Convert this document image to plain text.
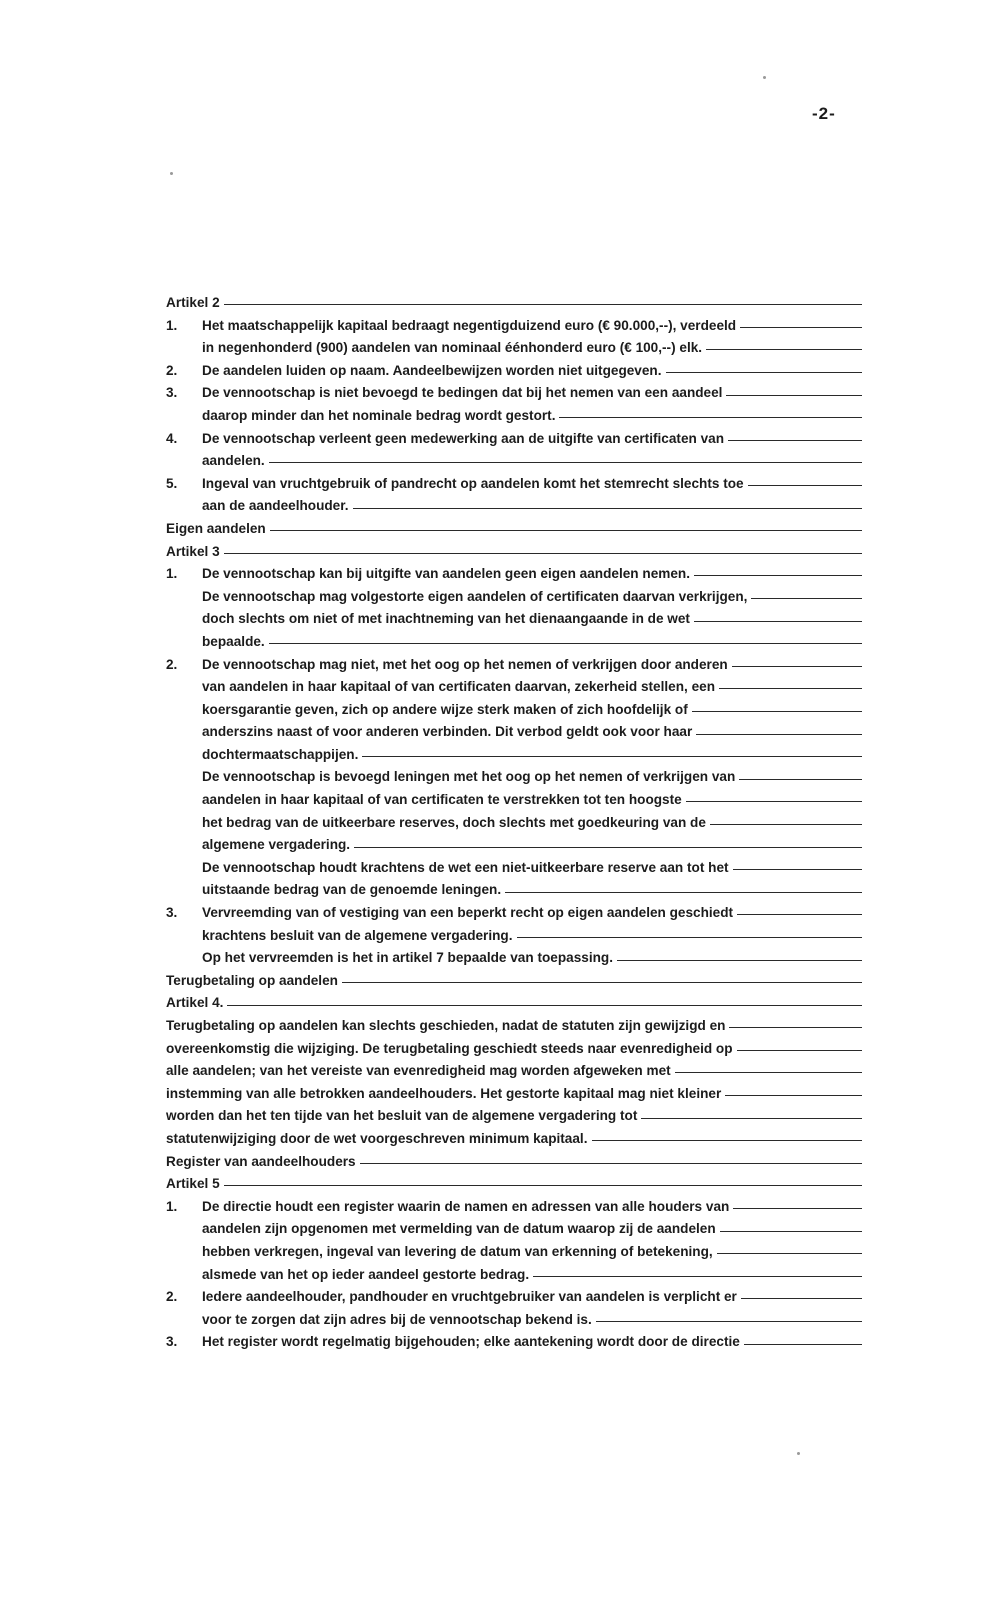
-2-
Artikel 2
1.	Het maatschappelijk kapitaal bedraagt negentigduizend euro (€ 90.000,--), verdeeld
in negenhonderd (900) aandelen van nominaal éénhonderd euro (€ 100,--) elk.
2.	De aandelen luiden op naam. Aandeelbewijzen worden niet uitgegeven.
3.	De vennootschap is niet bevoegd te bedingen dat bij het nemen van een aandeel
daarop minder dan het nominale bedrag wordt gestort.
4.	De vennootschap verleent geen medewerking aan de uitgifte van certificaten van
aandelen.
5.	Ingeval van vruchtgebruik of pandrecht op aandelen komt het stemrecht slechts toe
aan de aandeelhouder.
Eigen aandelen
Artikel 3
1.	De vennootschap kan bij uitgifte van aandelen geen eigen aandelen nemen.
De vennootschap mag volgestorte eigen aandelen of certificaten daarvan verkrijgen,
doch slechts om niet of met inachtneming van het dienaangaande in de wet
bepaalde.
2.	De vennootschap mag niet, met het oog op het nemen of verkrijgen door anderen
van aandelen in haar kapitaal of van certificaten daarvan, zekerheid stellen, een
koersgarantie geven, zich op andere wijze sterk maken of zich hoofdelijk of
anderszins naast of voor anderen verbinden. Dit verbod geldt ook voor haar
dochtermaatschappijen.
De vennootschap is bevoegd leningen met het oog op het nemen of verkrijgen van
aandelen in haar kapitaal of van certificaten te verstrekken tot ten hoogste
het bedrag van de uitkeerbare reserves, doch slechts met goedkeuring van de
algemene vergadering.
De vennootschap houdt krachtens de wet een niet-uitkeerbare reserve aan tot het
uitstaande bedrag van de genoemde leningen.
3.	Vervreemding van of vestiging van een beperkt recht op eigen aandelen geschiedt
krachtens besluit van de algemene vergadering.
Op het vervreemden is het in artikel 7 bepaalde van toepassing.
Terugbetaling op aandelen
Artikel 4.
Terugbetaling op aandelen kan slechts geschieden, nadat de statuten zijn gewijzigd en
overeenkomstig die wijziging. De terugbetaling geschiedt steeds naar evenredigheid op
alle aandelen; van het vereiste van evenredigheid mag worden afgeweken met
instemming van alle betrokken aandeelhouders. Het gestorte kapitaal mag niet kleiner
worden dan het ten tijde van het besluit van de algemene vergadering tot
statutenwijziging door de wet voorgeschreven minimum kapitaal.
Register van aandeelhouders
Artikel 5
1.	De directie houdt een register waarin de namen en adressen van alle houders van
aandelen zijn opgenomen met vermelding van de datum waarop zij de aandelen
hebben verkregen, ingeval van levering de datum van erkenning of betekening,
alsmede van het op ieder aandeel gestorte bedrag.
2.	Iedere aandeelhouder, pandhouder en vruchtgebruiker van aandelen is verplicht er
voor te zorgen dat zijn adres bij de vennootschap bekend is.
3.	Het register wordt regelmatig bijgehouden; elke aantekening wordt door de directie
